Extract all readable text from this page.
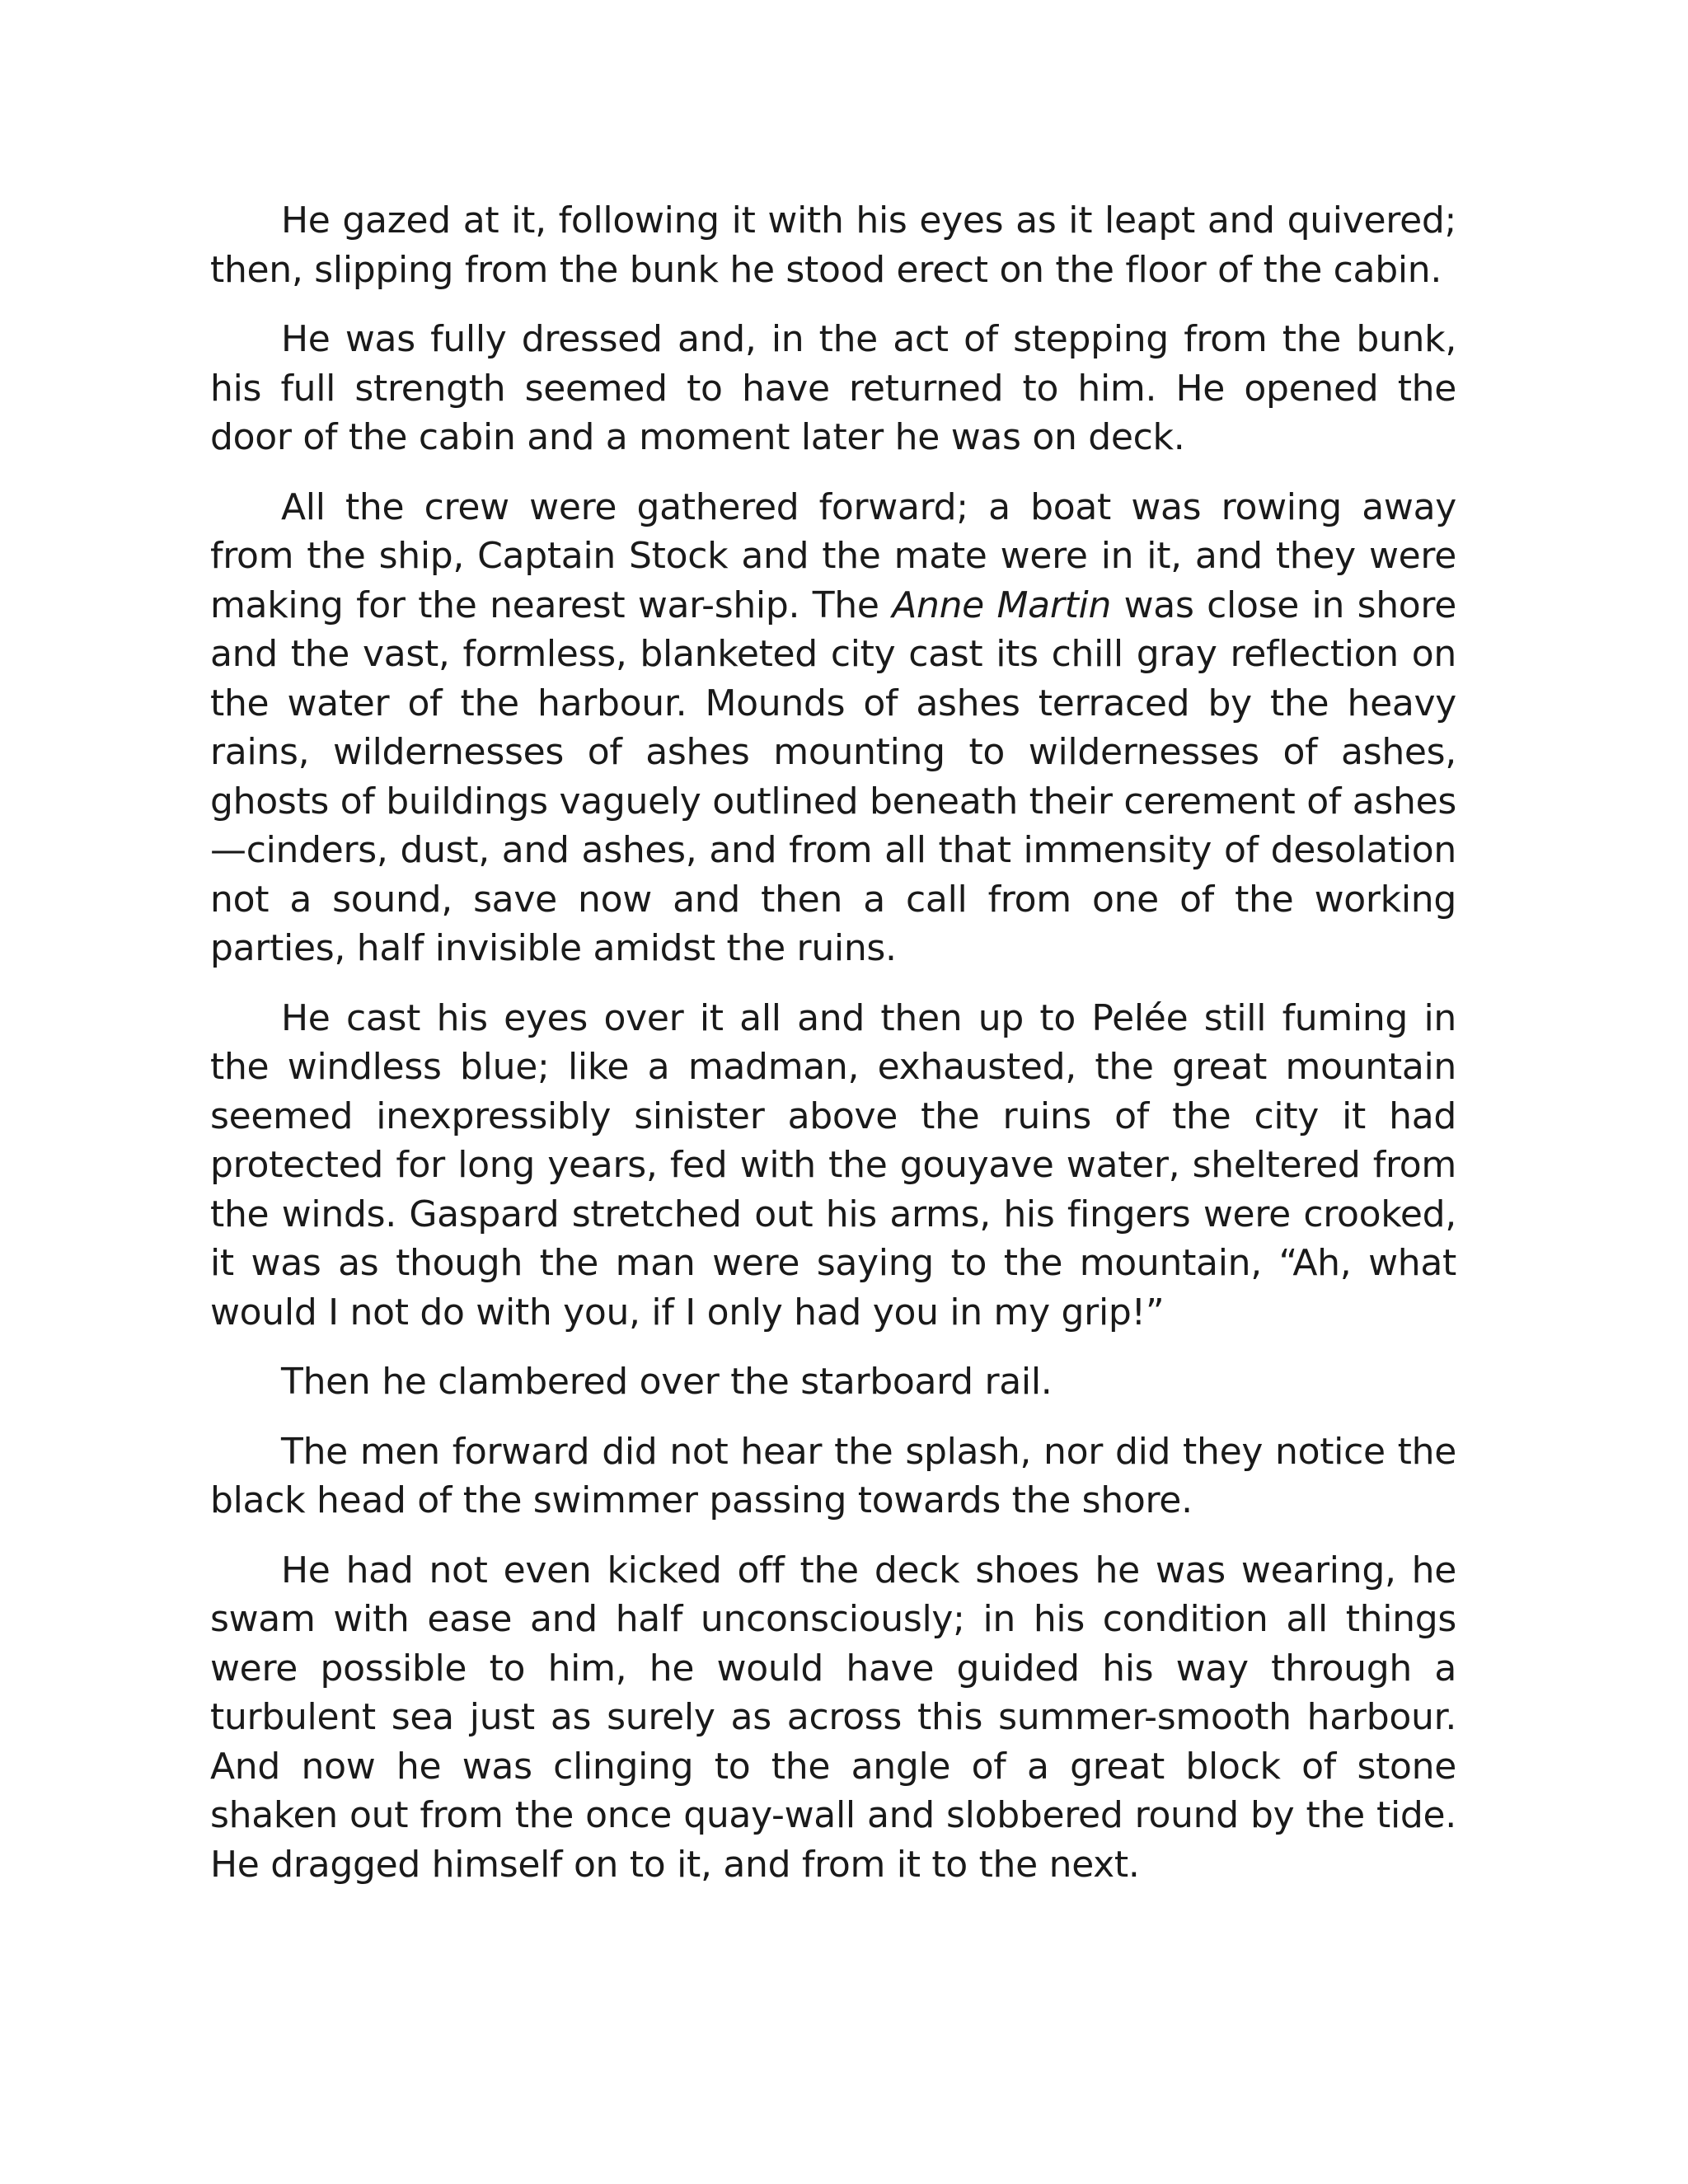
He gazed at it, following it with his eyes as it leapt and quivered; then, slipping from the bunk he stood erect on the floor of the cabin.

He was fully dressed and, in the act of stepping from the bunk, his full strength seemed to have returned to him. He opened the door of the cabin and a moment later he was on deck.

All the crew were gathered forward; a boat was rowing away from the ship, Captain Stock and the mate were in it, and they were making for the nearest war-ship. The Anne Martin was close in shore and the vast, formless, blanketed city cast its chill gray reflection on the water of the harbour. Mounds of ashes terraced by the heavy rains, wildernesses of ashes mounting to wildernesses of ashes, ghosts of buildings vaguely outlined beneath their cerement of ashes —cinders, dust, and ashes, and from all that immensity of desolation not a sound, save now and then a call from one of the working parties, half invisible amidst the ruins.

He cast his eyes over it all and then up to Pelée still fuming in the windless blue; like a madman, exhausted, the great mountain seemed inexpressibly sinister above the ruins of the city it had protected for long years, fed with the gouyave water, sheltered from the winds. Gaspard stretched out his arms, his fingers were crooked, it was as though the man were saying to the mountain, “Ah, what would I not do with you, if I only had you in my grip!”

Then he clambered over the starboard rail.

The men forward did not hear the splash, nor did they notice the black head of the swimmer passing towards the shore.

He had not even kicked off the deck shoes he was wearing, he swam with ease and half unconsciously; in his condition all things were possible to him, he would have guided his way through a turbulent sea just as surely as across this summer-smooth harbour. And now he was clinging to the angle of a great block of stone shaken out from the once quay-wall and slobbered round by the tide. He dragged himself on to it, and from it to the next.
